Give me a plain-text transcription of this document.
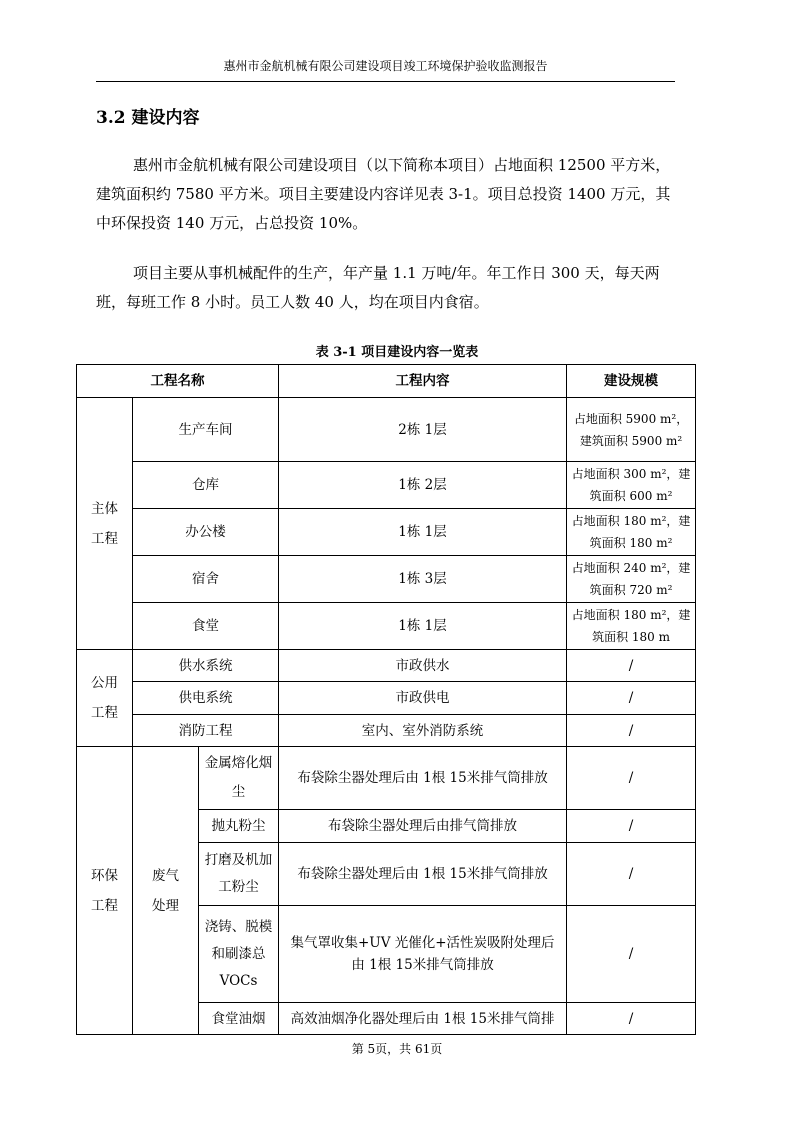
惠州市金航机械有限公司建设项目竣工环境保护验收监测报告
3.2 建设内容

惠州市金航机械有限公司建设项目（以下简称本项目）占地面积 12500 平方米，建筑面积约 7580 平方米。项目主要建设内容详见表 3-1。项目总投资 1400 万元，其中环保投资 140 万元，占总投资 10%。

项目主要从事机械配件的生产，年产量 1.1 万吨/年。年工作日 300 天，每天两班，每班工作 8 小时。员工人数 40 人，均在项目内食宿。

表 3-1 项目建设内容一览表
工程名称			工程内容	建设规模
主体工程	生产车间		2栋 1层	占地面积 5900 m²，建筑面积 5900 m²
	仓库		1栋 2层	占地面积 300 m²，建筑面积 600 m²
	办公楼		1栋 1层	占地面积 180 m²，建筑面积 180 m²
	宿舍		1栋 3层	占地面积 240 m²，建筑面积 720 m²
	食堂		1栋 1层	占地面积 180 m²，建筑面积 180 m
公用工程	供水系统		市政供水	/
	供电系统		市政供电	/
	消防工程		室内、室外消防系统	/
环保工程	废气处理	金属熔化烟尘	布袋除尘器处理后由 1根 15米排气筒排放	/
		抛丸粉尘	布袋除尘器处理后由排气筒排放	/
		打磨及机加工粉尘	布袋除尘器处理后由 1根 15米排气筒排放	/
		浇铸、脱模和刷漆总 VOCs	集气罩收集+UV 光催化+活性炭吸附处理后由 1根 15米排气筒排放	/
		食堂油烟	高效油烟净化器处理后由 1根 15米排气筒排	/
第 5页，共 61页
